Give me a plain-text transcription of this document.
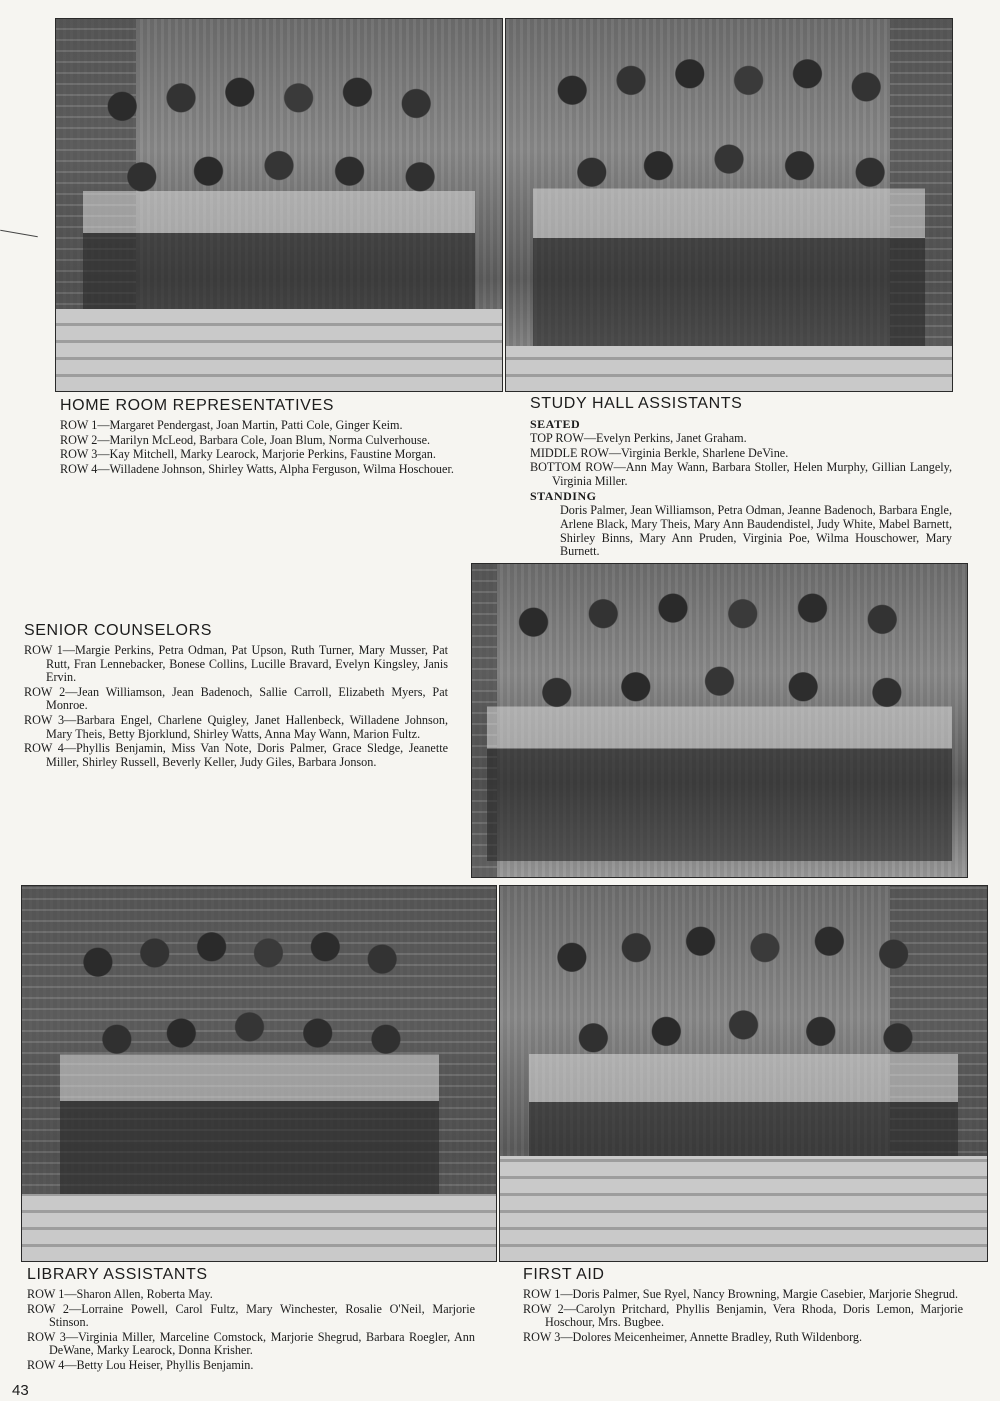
HOME ROOM REPRESENTATIVES

ROW 1—Margaret Pendergast, Joan Martin, Patti Cole, Ginger Keim.

ROW 2—Marilyn McLeod, Barbara Cole, Joan Blum, Norma Culverhouse.

ROW 3—Kay Mitchell, Marky Learock, Marjorie Perkins, Faustine Morgan.

ROW 4—Willadene Johnson, Shirley Watts, Alpha Ferguson, Wilma Hoschouer.

STUDY HALL ASSISTANTS

SEATED

TOP ROW—Evelyn Perkins, Janet Graham.

MIDDLE ROW—Virginia Berkle, Sharlene DeVine.

BOTTOM ROW—Ann May Wann, Barbara Stoller, Helen Murphy, Gillian Langely, Virginia Miller.

STANDING

Doris Palmer, Jean Williamson, Petra Odman, Jeanne Badenoch, Barbara Engle, Arlene Black, Mary Theis, Mary Ann Baudendistel, Judy White, Mabel Barnett, Shirley Binns, Mary Ann Pruden, Virginia Poe, Wilma Houschower, Mary Burnett.

SENIOR COUNSELORS

ROW 1—Margie Perkins, Petra Odman, Pat Upson, Ruth Turner, Mary Musser, Pat Rutt, Fran Lennebacker, Bonese Collins, Lucille Bravard, Evelyn Kingsley, Janis Ervin.

ROW 2—Jean Williamson, Jean Badenoch, Sallie Carroll, Elizabeth Myers, Pat Monroe.

ROW 3—Barbara Engel, Charlene Quigley, Janet Hallenbeck, Willadene Johnson, Mary Theis, Betty Bjorklund, Shirley Watts, Anna May Wann, Marion Fultz.

ROW 4—Phyllis Benjamin, Miss Van Note, Doris Palmer, Grace Sledge, Jeanette Miller, Shirley Russell, Beverly Keller, Judy Giles, Barbara Jonson.

LIBRARY ASSISTANTS

ROW 1—Sharon Allen, Roberta May.

ROW 2—Lorraine Powell, Carol Fultz, Mary Winchester, Rosalie O'Neil, Marjorie Stinson.

ROW 3—Virginia Miller, Marceline Comstock, Marjorie Shegrud, Barbara Roegler, Ann DeWane, Marky Learock, Donna Krisher.

ROW 4—Betty Lou Heiser, Phyllis Benjamin.

FIRST AID

ROW 1—Doris Palmer, Sue Ryel, Nancy Browning, Margie Casebier, Marjorie Shegrud.

ROW 2—Carolyn Pritchard, Phyllis Benjamin, Vera Rhoda, Doris Lemon, Marjorie Hoschour, Mrs. Bugbee.

ROW 3—Dolores Meicenheimer, Annette Bradley, Ruth Wildenborg.

43
